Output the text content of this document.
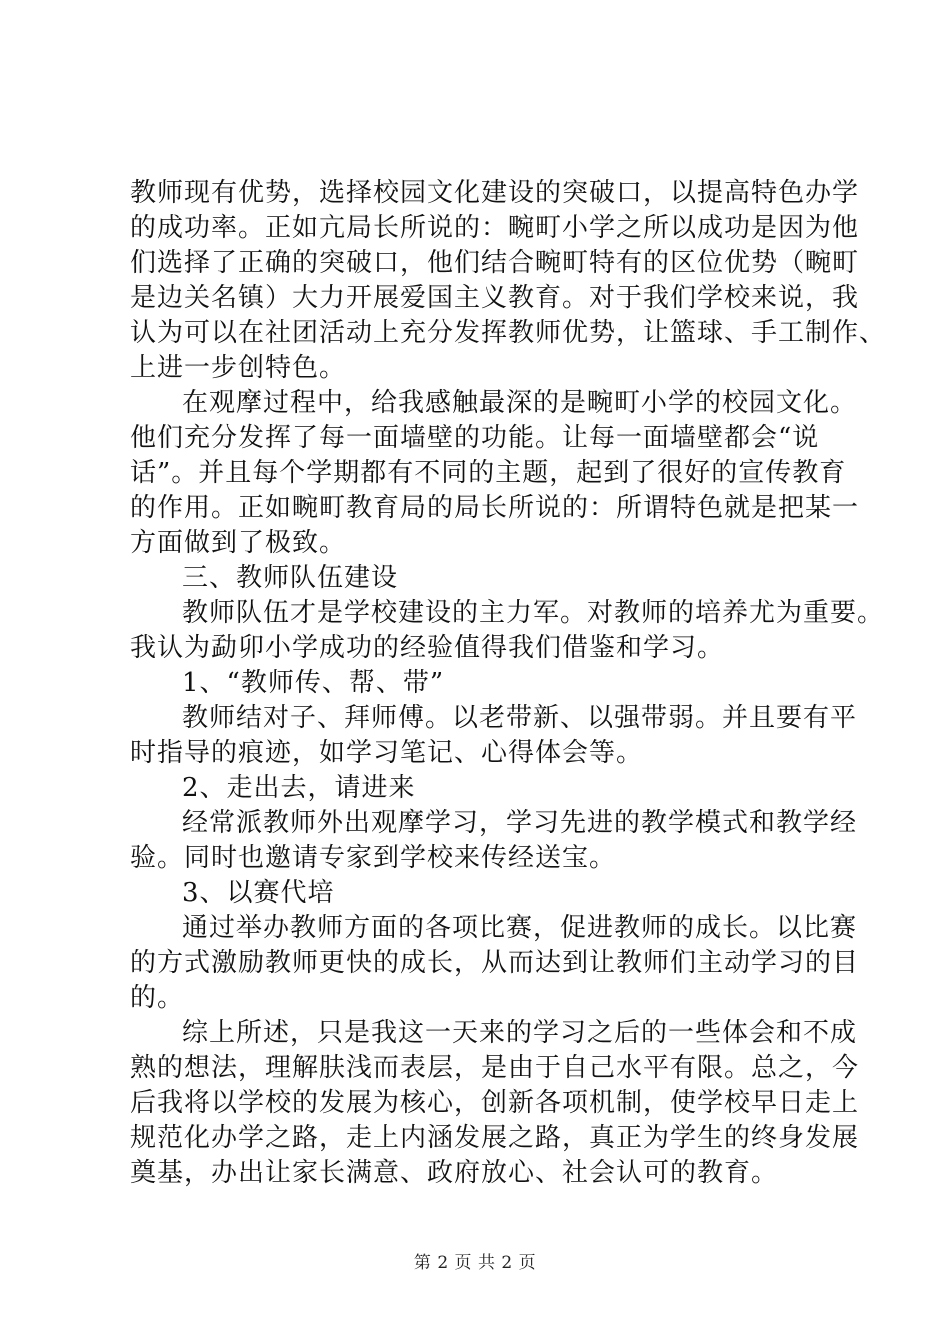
教师现有优势，选择校园文化建设的突破口，以提高特色办学
的成功率。正如亢局长所说的：畹町小学之所以成功是因为他
们选择了正确的突破口，他们结合畹町特有的区位优势（畹町
是边关名镇）大力开展爱国主义教育。对于我们学校来说，我
认为可以在社团活动上充分发挥教师优势，让篮球、手工制作、
上进一步创特色。
在观摩过程中，给我感触最深的是畹町小学的校园文化。
他们充分发挥了每一面墙壁的功能。让每一面墙壁都会“说
话”。并且每个学期都有不同的主题，起到了很好的宣传教育
的作用。正如畹町教育局的局长所说的：所谓特色就是把某一
方面做到了极致。
三、教师队伍建设
教师队伍才是学校建设的主力军。对教师的培养尤为重要。
我认为勐卯小学成功的经验值得我们借鉴和学习。
1、“教师传、帮、带”
教师结对子、拜师傅。以老带新、以强带弱。并且要有平
时指导的痕迹，如学习笔记、心得体会等。
2、走出去，请进来
经常派教师外出观摩学习，学习先进的教学模式和教学经
验。同时也邀请专家到学校来传经送宝。
3、以赛代培
通过举办教师方面的各项比赛，促进教师的成长。以比赛
的方式激励教师更快的成长，从而达到让教师们主动学习的目
的。
综上所述，只是我这一天来的学习之后的一些体会和不成
熟的想法，理解肤浅而表层，是由于自己水平有限。总之，今
后我将以学校的发展为核心，创新各项机制，使学校早日走上
规范化办学之路，走上内涵发展之路，真正为学生的终身发展
奠基，办出让家长满意、政府放心、社会认可的教育。
第 2 页 共 2 页
